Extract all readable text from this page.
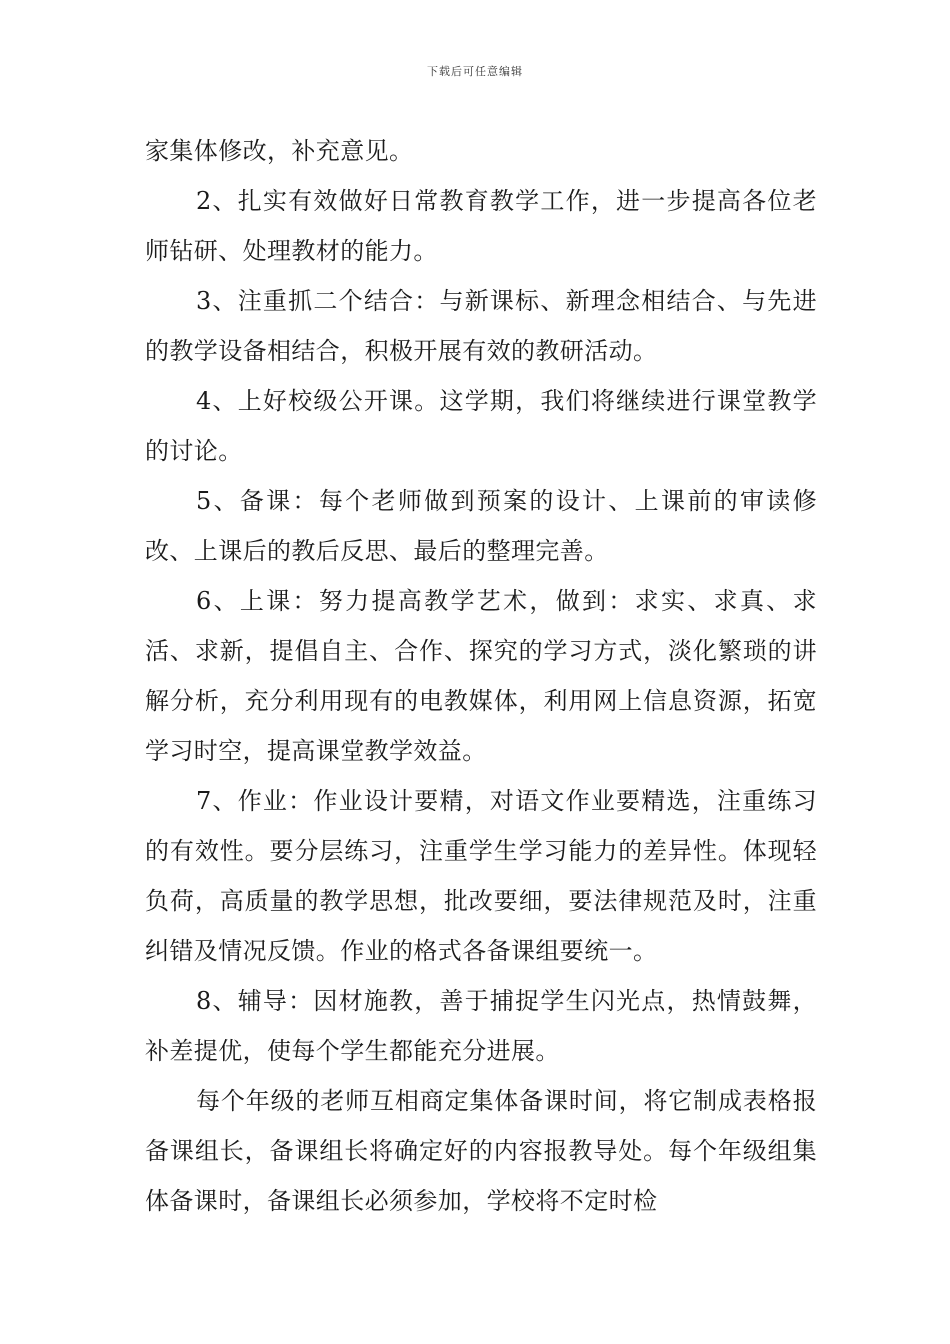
下载后可任意编辑

家集体修改，补充意见。

2、扎实有效做好日常教育教学工作，进一步提高各位老师钻研、处理教材的能力。

3、注重抓二个结合：与新课标、新理念相结合、与先进的教学设备相结合，积极开展有效的教研活动。

4、上好校级公开课。这学期，我们将继续进行课堂教学的讨论。

5、备课：每个老师做到预案的设计、上课前的审读修改、上课后的教后反思、最后的整理完善。

6、上课：努力提高教学艺术，做到：求实、求真、求活、求新，提倡自主、合作、探究的学习方式，淡化繁琐的讲解分析，充分利用现有的电教媒体，利用网上信息资源，拓宽学习时空，提高课堂教学效益。

7、作业：作业设计要精，对语文作业要精选，注重练习的有效性。要分层练习，注重学生学习能力的差异性。体现轻负荷，高质量的教学思想，批改要细，要法律规范及时，注重纠错及情况反馈。作业的格式各备课组要统一。

8、辅导：因材施教，善于捕捉学生闪光点，热情鼓舞，补差提优，使每个学生都能充分进展。

每个年级的老师互相商定集体备课时间，将它制成表格报备课组长，备课组长将确定好的内容报教导处。每个年级组集体备课时，备课组长必须参加，学校将不定时检
